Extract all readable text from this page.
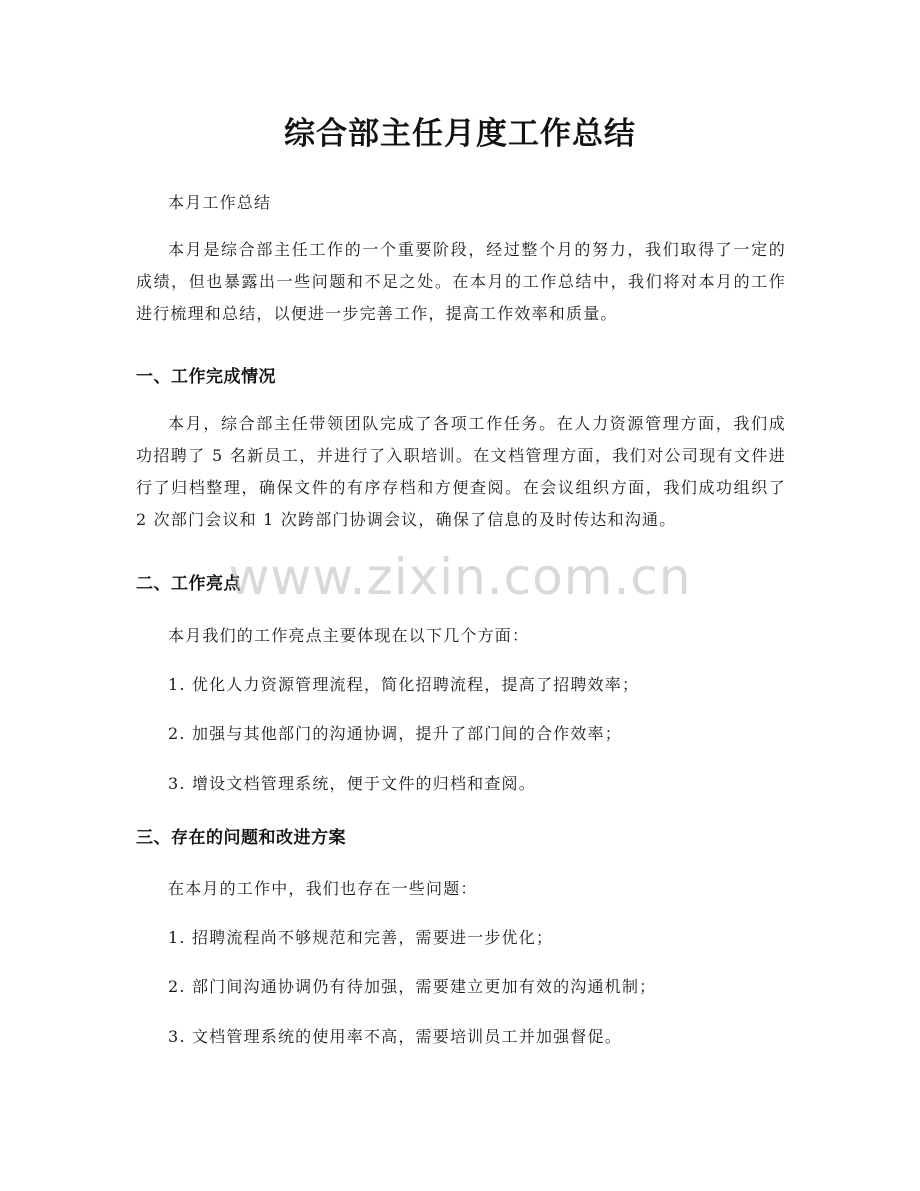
综合部主任月度工作总结
本月工作总结
本月是综合部主任工作的一个重要阶段，经过整个月的努力，我们取得了一定的成绩，但也暴露出一些问题和不足之处。在本月的工作总结中，我们将对本月的工作进行梳理和总结，以便进一步完善工作，提高工作效率和质量。
一、工作完成情况
本月，综合部主任带领团队完成了各项工作任务。在人力资源管理方面，我们成功招聘了 5 名新员工，并进行了入职培训。在文档管理方面，我们对公司现有文件进行了归档整理，确保文件的有序存档和方便查阅。在会议组织方面，我们成功组织了 2 次部门会议和 1 次跨部门协调会议，确保了信息的及时传达和沟通。
二、工作亮点
本月我们的工作亮点主要体现在以下几个方面：
1. 优化人力资源管理流程，简化招聘流程，提高了招聘效率；
2. 加强与其他部门的沟通协调，提升了部门间的合作效率；
3. 增设文档管理系统，便于文件的归档和查阅。
三、存在的问题和改进方案
在本月的工作中，我们也存在一些问题：
1. 招聘流程尚不够规范和完善，需要进一步优化；
2. 部门间沟通协调仍有待加强，需要建立更加有效的沟通机制；
3. 文档管理系统的使用率不高，需要培训员工并加强督促。
www.zixin.com.cn
